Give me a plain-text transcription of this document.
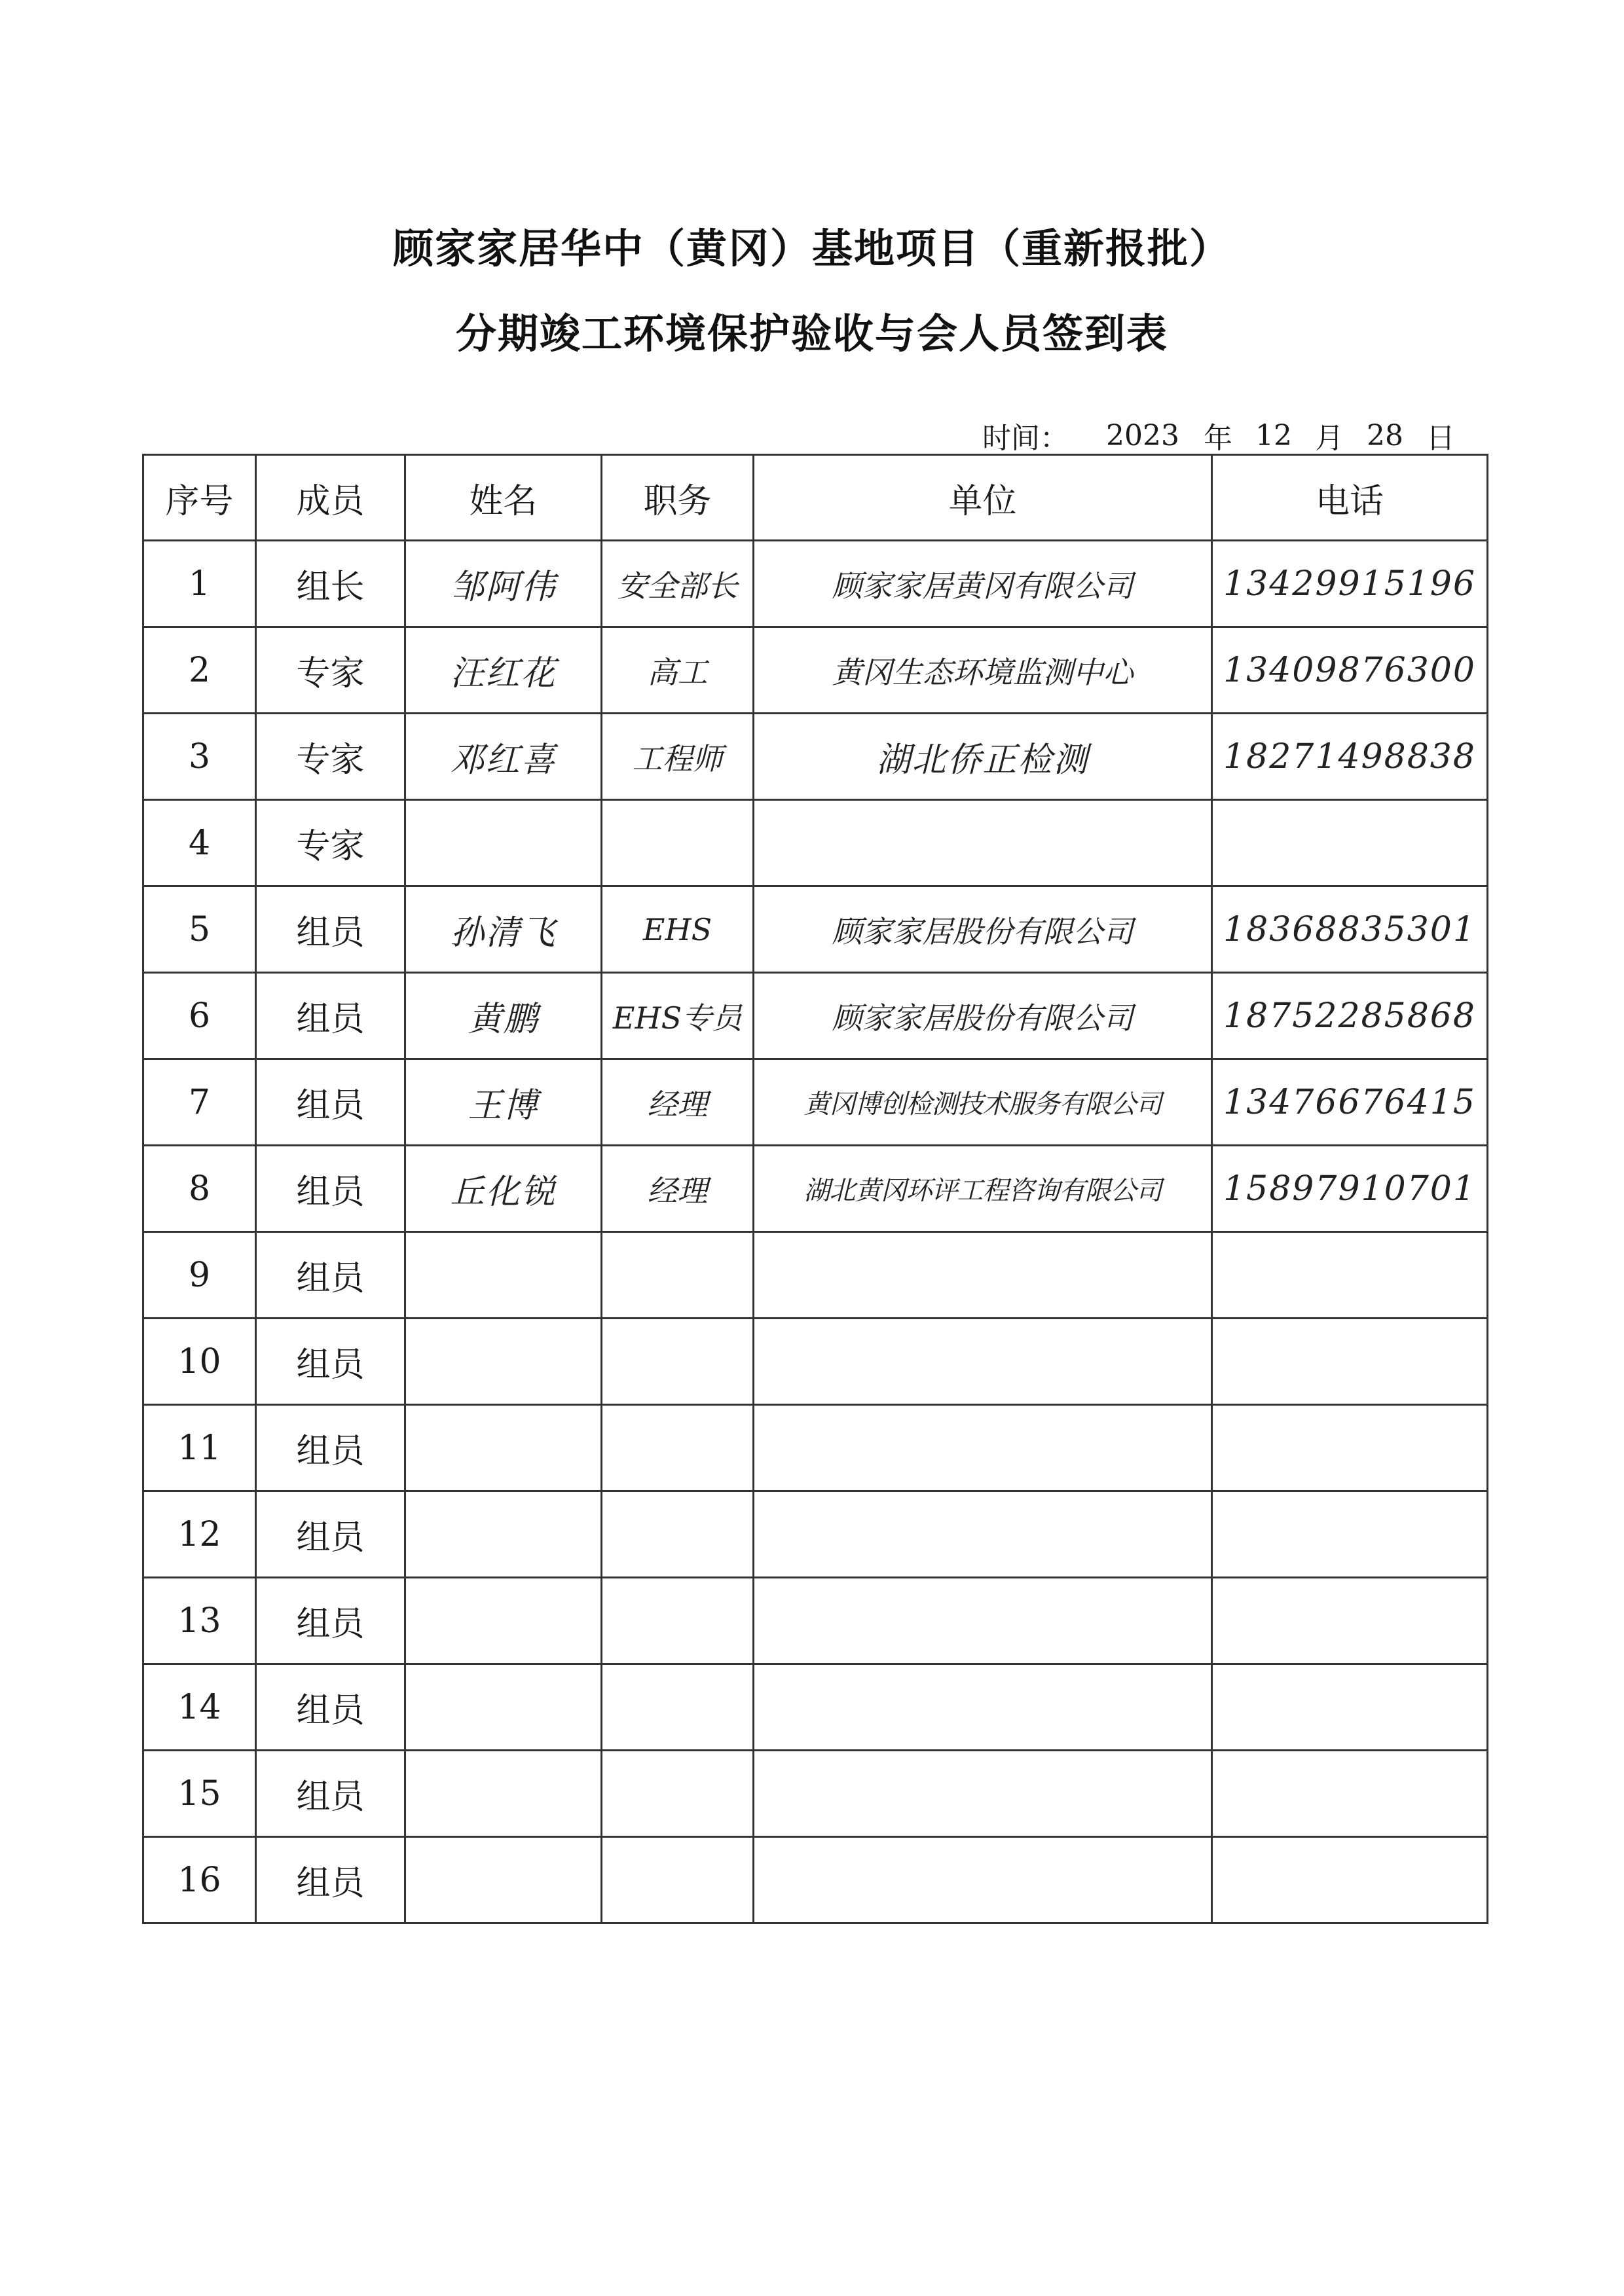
顾家家居华中（黄冈）基地项目（重新报批）
分期竣工环境保护验收与会人员签到表
时间：	2023 年 12 月 28 日
序号	成员	姓名	职务	单位	电话
1	组长	邹阿伟	安全部长	顾家家居黄冈有限公司	13429915196
2	专家	汪红花	高工	黄冈生态环境监测中心	13409876300
3	专家	邓红喜	工程师	湖北侨正检测	18271498838
4	专家				
5	组员	孙清飞	EHS	顾家家居股份有限公司	18368835301
6	组员	黄鹏	EHS专员	顾家家居股份有限公司	18752285868
7	组员	王博	经理	黄冈博创检测技术服务有限公司	13476676415
8	组员	丘化锐	经理	湖北黄冈环评工程咨询有限公司	15897910701
9	组员				
10	组员				
11	组员				
12	组员				
13	组员				
14	组员				
15	组员				
16	组员				
